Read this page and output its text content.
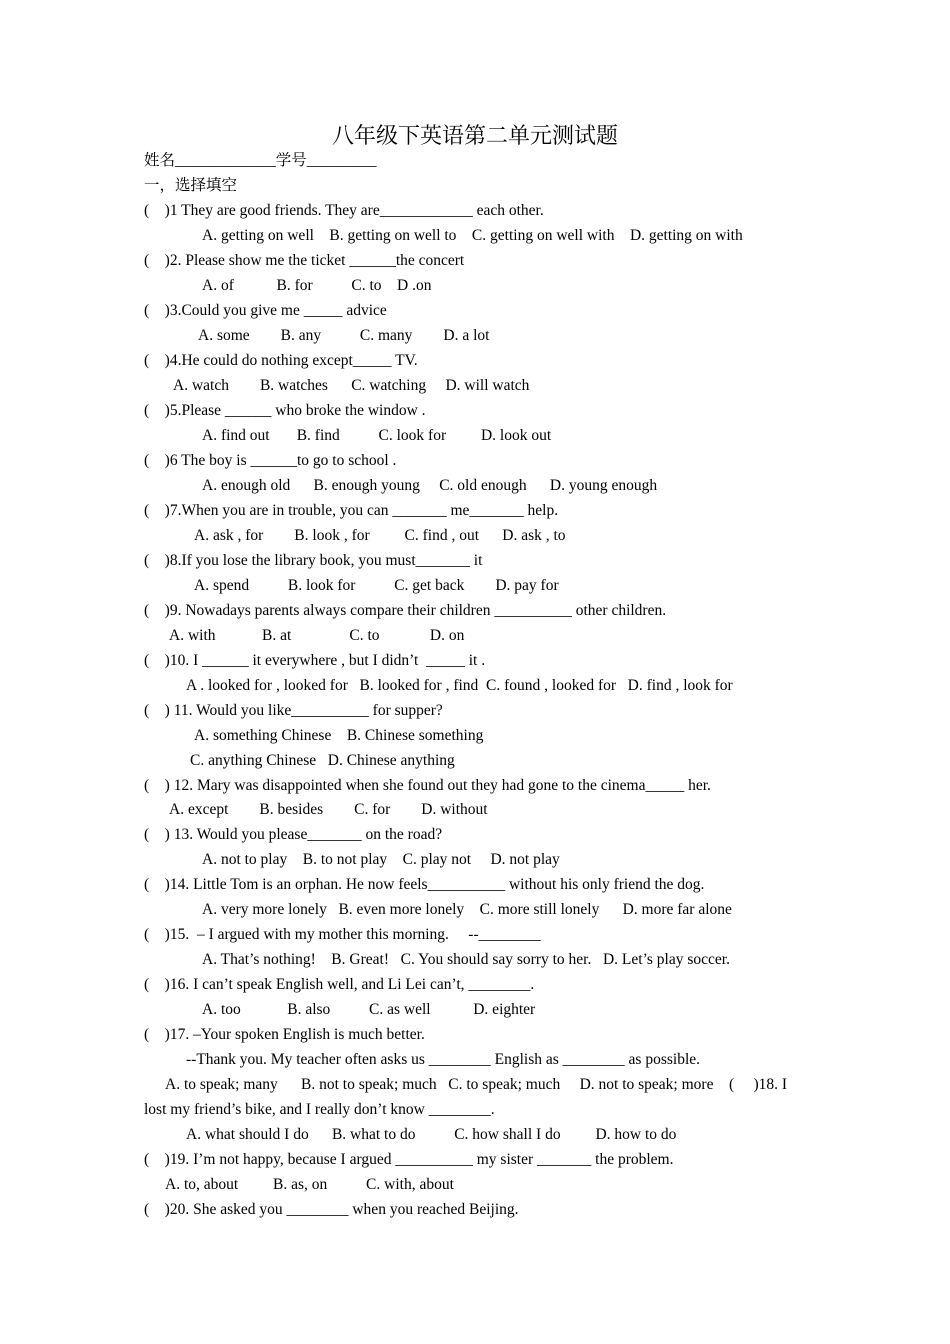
八年级下英语第二单元测试题
姓名_____________学号_________
一，选择填空
(    )1 They are good friends. They are____________ each other.
A. getting on well    B. getting on well to    C. getting on well with    D. getting on with
(    )2. Please show me the ticket ______the concert
A. of           B. for          C. to    D .on
(    )3.Could you give me _____ advice
A. some        B. any          C. many        D. a lot
(    )4.He could do nothing except_____ TV.
A. watch        B. watches      C. watching     D. will watch
(    )5.Please ______ who broke the window .
A. find out       B. find          C. look for         D. look out
(    )6 The boy is ______to go to school .
A. enough old      B. enough young     C. old enough      D. young enough
(    )7.When you are in trouble, you can _______ me_______ help.
A. ask , for        B. look , for         C. find , out      D. ask , to
(    )8.If you lose the library book, you must_______ it
A. spend          B. look for          C. get back        D. pay for
(    )9. Nowadays parents always compare their children __________ other children.
A. with            B. at               C. to             D. on
(    )10. I ______ it everywhere , but I didn’t  _____ it .
A . looked for , looked for   B. looked for , find  C. found , looked for   D. find , look for
(    ) 11. Would you like__________ for supper?
A. something Chinese    B. Chinese something
C. anything Chinese   D. Chinese anything
(    ) 12. Mary was disappointed when she found out they had gone to the cinema_____ her.
A. except        B. besides        C. for        D. without
(    ) 13. Would you please_______ on the road?
A. not to play    B. to not play    C. play not     D. not play
(    )14. Little Tom is an orphan. He now feels__________ without his only friend the dog.
A. very more lonely   B. even more lonely    C. more still lonely      D. more far alone
(    )15.  – I argued with my mother this morning.     --________
A. That’s nothing!    B. Great!   C. You should say sorry to her.   D. Let’s play soccer.
(    )16. I can’t speak English well, and Li Lei can’t, ________.
A. too            B. also          C. as well           D. eighter
(    )17. –Your spoken English is much better.
--Thank you. My teacher often asks us ________ English as ________ as possible.
A. to speak; many      B. not to speak; much   C. to speak; much     D. not to speak; more    (     )18. I
lost my friend’s bike, and I really don’t know ________.
A. what should I do      B. what to do          C. how shall I do         D. how to do
(    )19. I’m not happy, because I argued __________ my sister _______ the problem.
A. to, about         B. as, on          C. with, about
(    )20. She asked you ________ when you reached Beijing.
